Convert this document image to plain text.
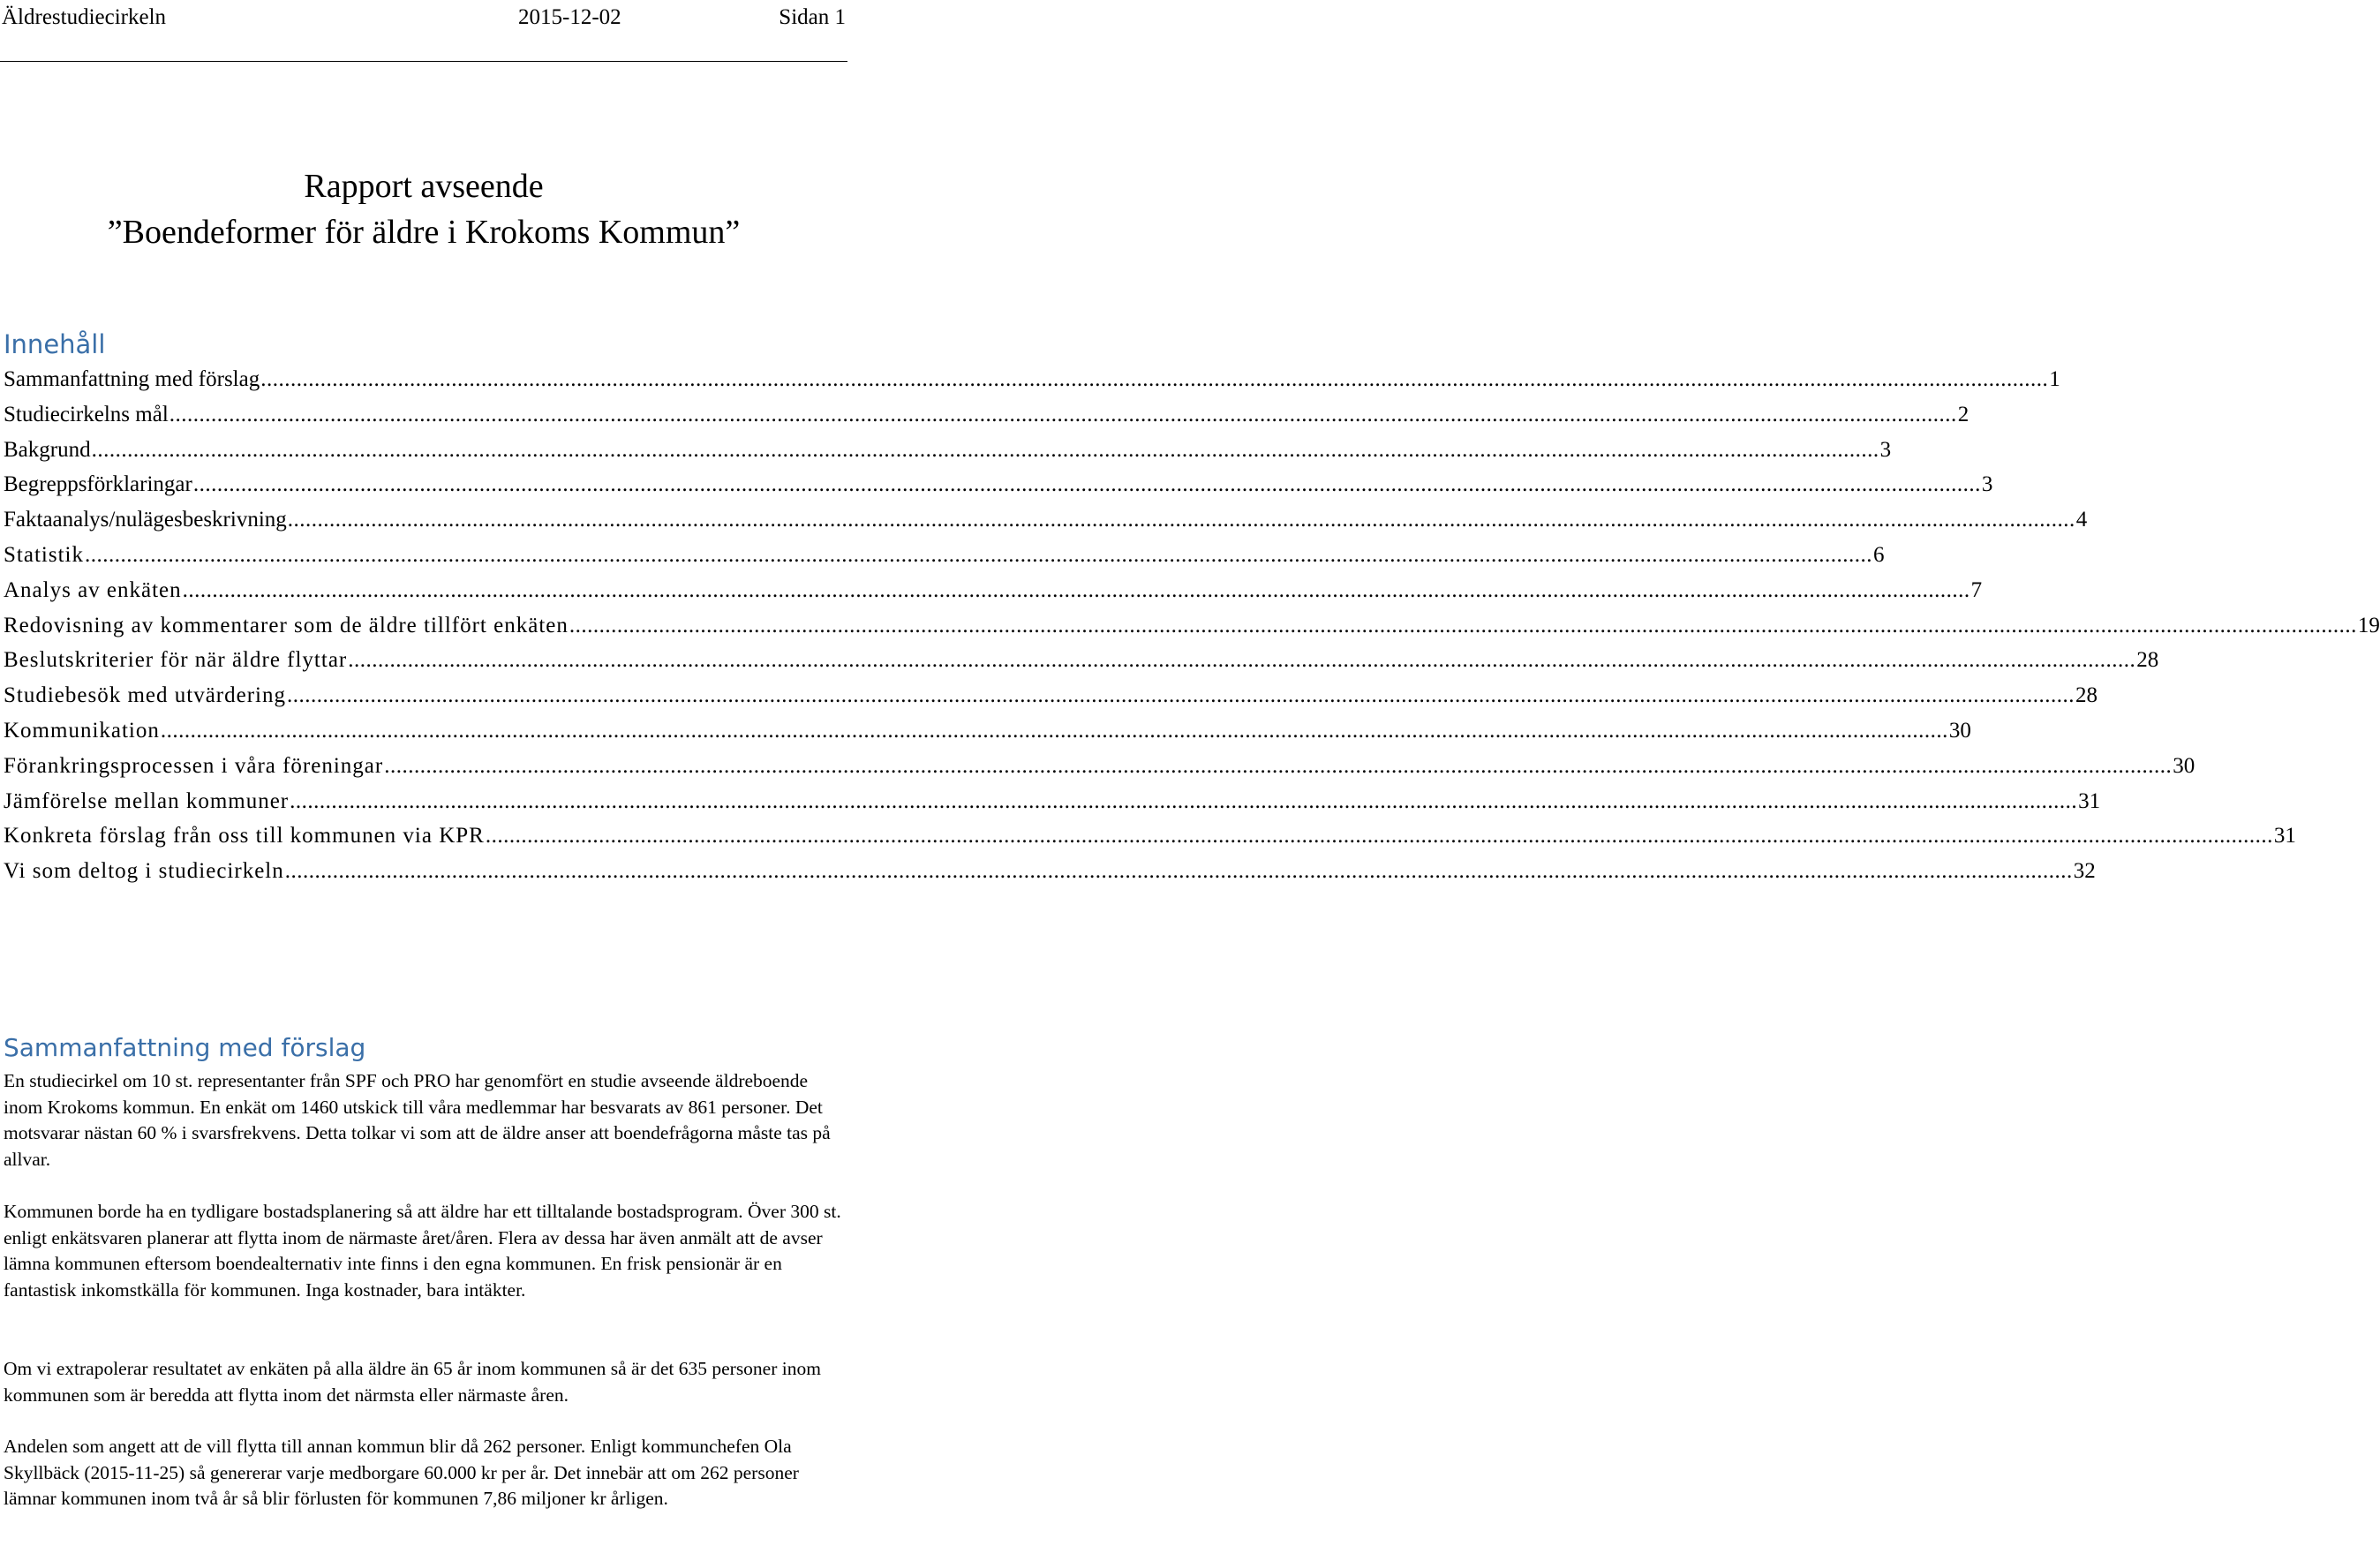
Äldrestudiecirkeln	2015-12-02	Sidan 1
Rapport avseende
”Boendeformer för äldre i Krokoms Kommun”
Innehåll
Sammanfattning med förslag ............................................................................................................................................................................................................................................................................................................ 1
Studiecirkelns mål ............................................................................................................................................................................................................................................................................................................ 2
Bakgrund ............................................................................................................................................................................................................................................................................................................ 3
Begreppsförklaringar ............................................................................................................................................................................................................................................................................................................ 3
Faktaanalys/nulägesbeskrivning ............................................................................................................................................................................................................................................................................................................ 4
Statistik ............................................................................................................................................................................................................................................................................................................ 6
Analys av enkäten ............................................................................................................................................................................................................................................................................................................ 7
Redovisning av kommentarer som de äldre tillfört enkäten ............................................................................................................................................................................................................................................................................................................ 19
Beslutskriterier för när äldre flyttar ............................................................................................................................................................................................................................................................................................................ 28
Studiebesök med utvärdering ............................................................................................................................................................................................................................................................................................................ 28
Kommunikation ............................................................................................................................................................................................................................................................................................................ 30
Förankringsprocessen i våra föreningar ............................................................................................................................................................................................................................................................................................................ 30
Jämförelse mellan kommuner ............................................................................................................................................................................................................................................................................................................ 31
Konkreta förslag från oss till kommunen via KPR ............................................................................................................................................................................................................................................................................................................ 31
Vi som deltog i studiecirkeln ............................................................................................................................................................................................................................................................................................................ 32
Sammanfattning med förslag

En studiecirkel om 10 st. representanter från SPF och PRO har genomfört en studie avseende äldreboende inom Krokoms kommun. En enkät om 1460 utskick till våra medlemmar har besvarats av 861 personer. Det motsvarar nästan 60 % i svarsfrekvens. Detta tolkar vi som att de äldre anser att boendefrågorna måste tas på allvar.

Kommunen borde ha en tydligare bostadsplanering så att äldre har ett tilltalande bostadsprogram. Över 300 st. enligt enkätsvaren planerar att flytta inom de närmaste året/åren. Flera av dessa har även anmält att de avser lämna kommunen eftersom boendealternativ inte finns i den egna kommunen. En frisk pensionär är en fantastisk inkomstkälla för kommunen. Inga kostnader, bara intäkter.

Om vi extrapolerar resultatet av enkäten på alla äldre än 65 år inom kommunen så är det 635 personer inom kommunen som är beredda att flytta inom det närmsta eller närmaste åren.

Andelen som angett att de vill flytta till annan kommun blir då 262 personer. Enligt kommunchefen Ola Skyllbäck (2015-11-25) så genererar varje medborgare 60.000 kr per år. Det innebär att om 262 personer lämnar kommunen inom två år så blir förlusten för kommunen 7,86 miljoner kr årligen.
